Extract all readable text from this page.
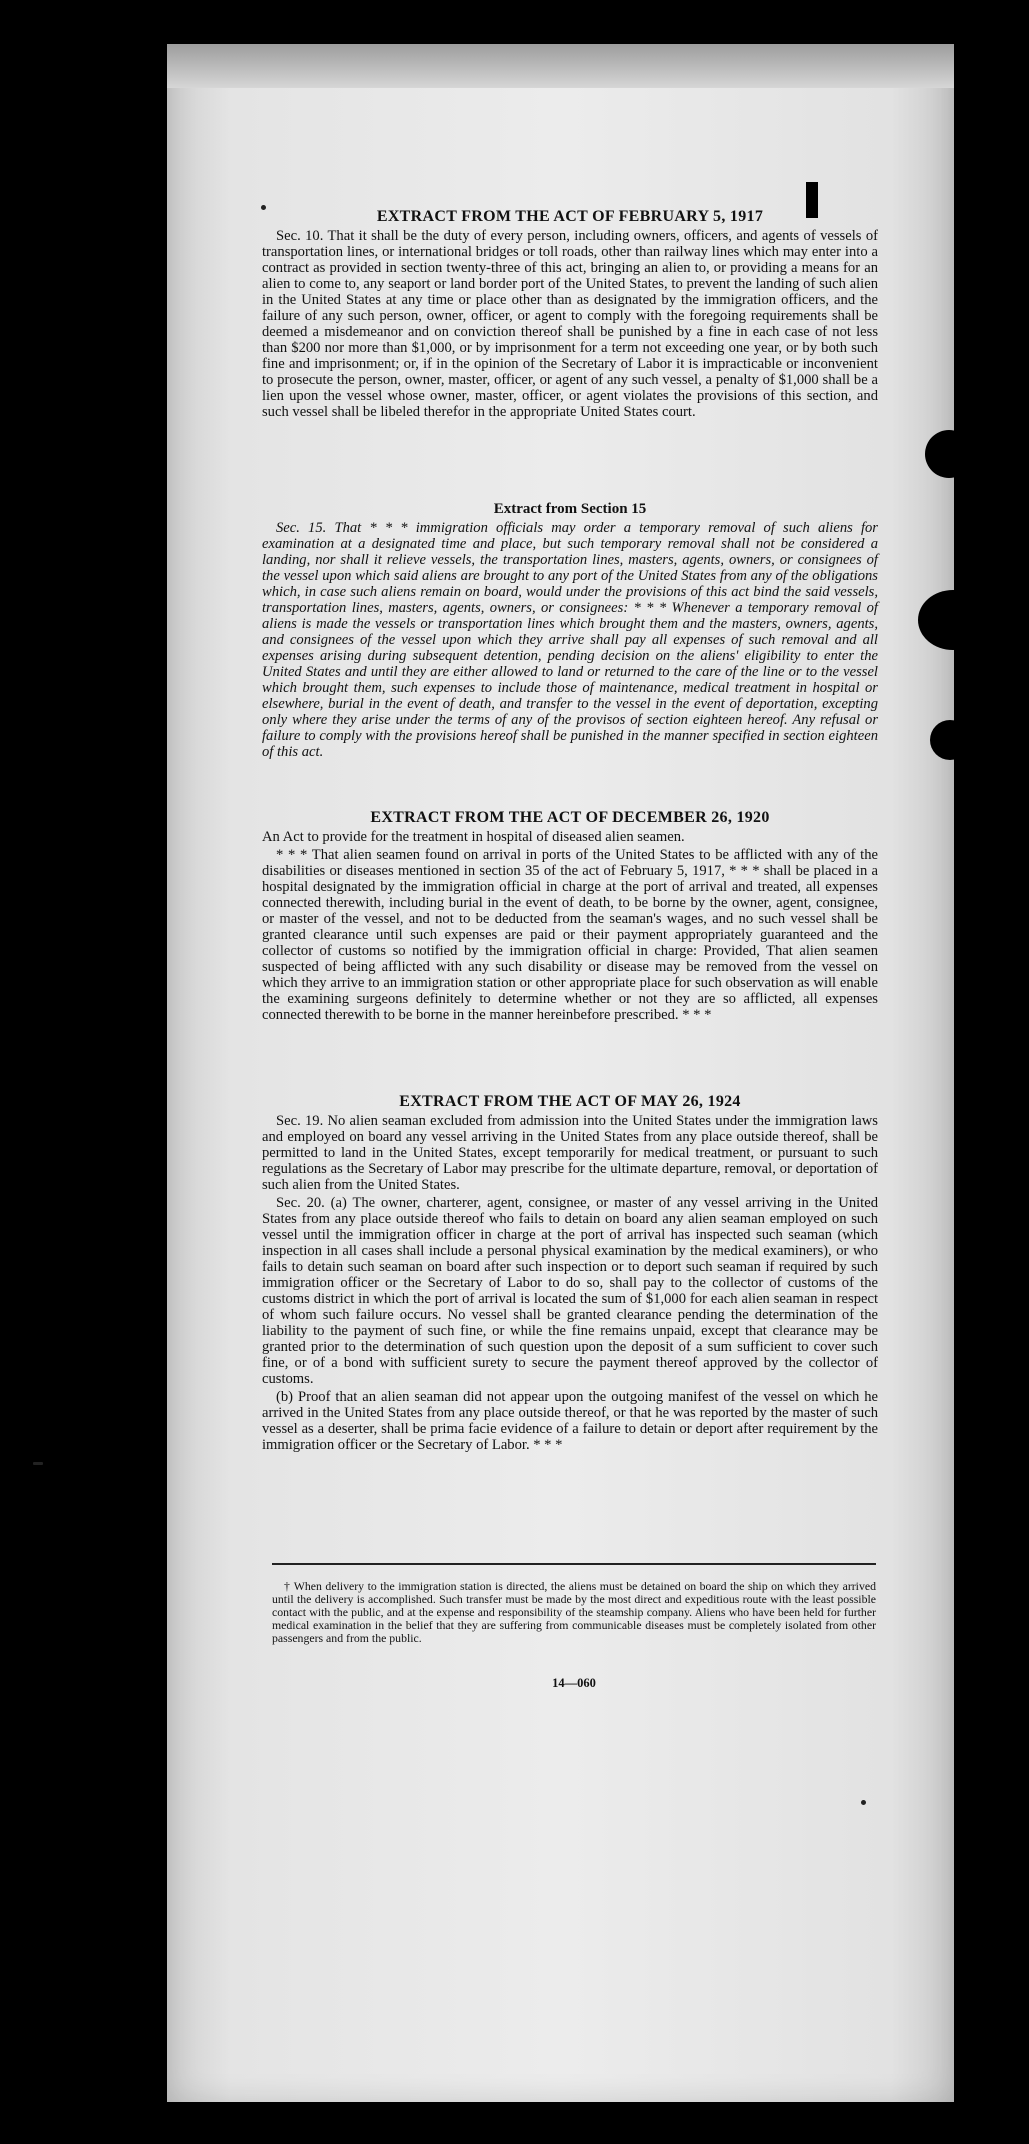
EXTRACT FROM THE ACT OF FEBRUARY 5, 1917

Sec. 10. That it shall be the duty of every person, including owners, officers, and agents of vessels of transportation lines, or international bridges or toll roads, other than railway lines which may enter into a contract as provided in section twenty-three of this act, bringing an alien to, or providing a means for an alien to come to, any seaport or land border port of the United States, to prevent the landing of such alien in the United States at any time or place other than as designated by the immigration officers, and the failure of any such person, owner, officer, or agent to comply with the foregoing requirements shall be deemed a misdemeanor and on conviction thereof shall be punished by a fine in each case of not less than $200 nor more than $1,000, or by imprisonment for a term not exceeding one year, or by both such fine and imprisonment; or, if in the opinion of the Secretary of Labor it is impracticable or inconvenient to prosecute the person, owner, master, officer, or agent of any such vessel, a penalty of $1,000 shall be a lien upon the vessel whose owner, master, officer, or agent violates the provisions of this section, and such vessel shall be libeled therefor in the appropriate United States court.

Extract from Section 15

Sec. 15. That * * * immigration officials may order a temporary removal of such aliens for examination at a designated time and place, but such temporary removal shall not be considered a landing, nor shall it relieve vessels, the transportation lines, masters, agents, owners, or consignees of the vessel upon which said aliens are brought to any port of the United States from any of the obligations which, in case such aliens remain on board, would under the provisions of this act bind the said vessels, transportation lines, masters, agents, owners, or consignees: * * * Whenever a temporary removal of aliens is made the vessels or transportation lines which brought them and the masters, owners, agents, and consignees of the vessel upon which they arrive shall pay all expenses of such removal and all expenses arising during subsequent detention, pending decision on the aliens' eligibility to enter the United States and until they are either allowed to land or returned to the care of the line or to the vessel which brought them, such expenses to include those of maintenance, medical treatment in hospital or elsewhere, burial in the event of death, and transfer to the vessel in the event of deportation, excepting only where they arise under the terms of any of the provisos of section eighteen hereof. Any refusal or failure to comply with the provisions hereof shall be punished in the manner specified in section eighteen of this act.

EXTRACT FROM THE ACT OF DECEMBER 26, 1920

An Act to provide for the treatment in hospital of diseased alien seamen.

* * * That alien seamen found on arrival in ports of the United States to be afflicted with any of the disabilities or diseases mentioned in section 35 of the act of February 5, 1917, * * * shall be placed in a hospital designated by the immigration official in charge at the port of arrival and treated, all expenses connected therewith, including burial in the event of death, to be borne by the owner, agent, consignee, or master of the vessel, and not to be deducted from the seaman's wages, and no such vessel shall be granted clearance until such expenses are paid or their payment appropriately guaranteed and the collector of customs so notified by the immigration official in charge: Provided, That alien seamen suspected of being afflicted with any such disability or disease may be removed from the vessel on which they arrive to an immigration station or other appropriate place for such observation as will enable the examining surgeons definitely to determine whether or not they are so afflicted, all expenses connected therewith to be borne in the manner hereinbefore prescribed. * * *

EXTRACT FROM THE ACT OF MAY 26, 1924

Sec. 19. No alien seaman excluded from admission into the United States under the immigration laws and employed on board any vessel arriving in the United States from any place outside thereof, shall be permitted to land in the United States, except temporarily for medical treatment, or pursuant to such regulations as the Secretary of Labor may prescribe for the ultimate departure, removal, or deportation of such alien from the United States.

Sec. 20. (a) The owner, charterer, agent, consignee, or master of any vessel arriving in the United States from any place outside thereof who fails to detain on board any alien seaman employed on such vessel until the immigration officer in charge at the port of arrival has inspected such seaman (which inspection in all cases shall include a personal physical examination by the medical examiners), or who fails to detain such seaman on board after such inspection or to deport such seaman if required by such immigration officer or the Secretary of Labor to do so, shall pay to the collector of customs of the customs district in which the port of arrival is located the sum of $1,000 for each alien seaman in respect of whom such failure occurs. No vessel shall be granted clearance pending the determination of the liability to the payment of such fine, or while the fine remains unpaid, except that clearance may be granted prior to the determination of such question upon the deposit of a sum sufficient to cover such fine, or of a bond with sufficient surety to secure the payment thereof approved by the collector of customs.

(b) Proof that an alien seaman did not appear upon the outgoing manifest of the vessel on which he arrived in the United States from any place outside thereof, or that he was reported by the master of such vessel as a deserter, shall be prima facie evidence of a failure to detain or deport after requirement by the immigration officer or the Secretary of Labor. * * *

† When delivery to the immigration station is directed, the aliens must be detained on board the ship on which they arrived until the delivery is accomplished. Such transfer must be made by the most direct and expeditious route with the least possible contact with the public, and at the expense and responsibility of the steamship company. Aliens who have been held for further medical examination in the belief that they are suffering from communicable diseases must be completely isolated from other passengers and from the public.
14—060
